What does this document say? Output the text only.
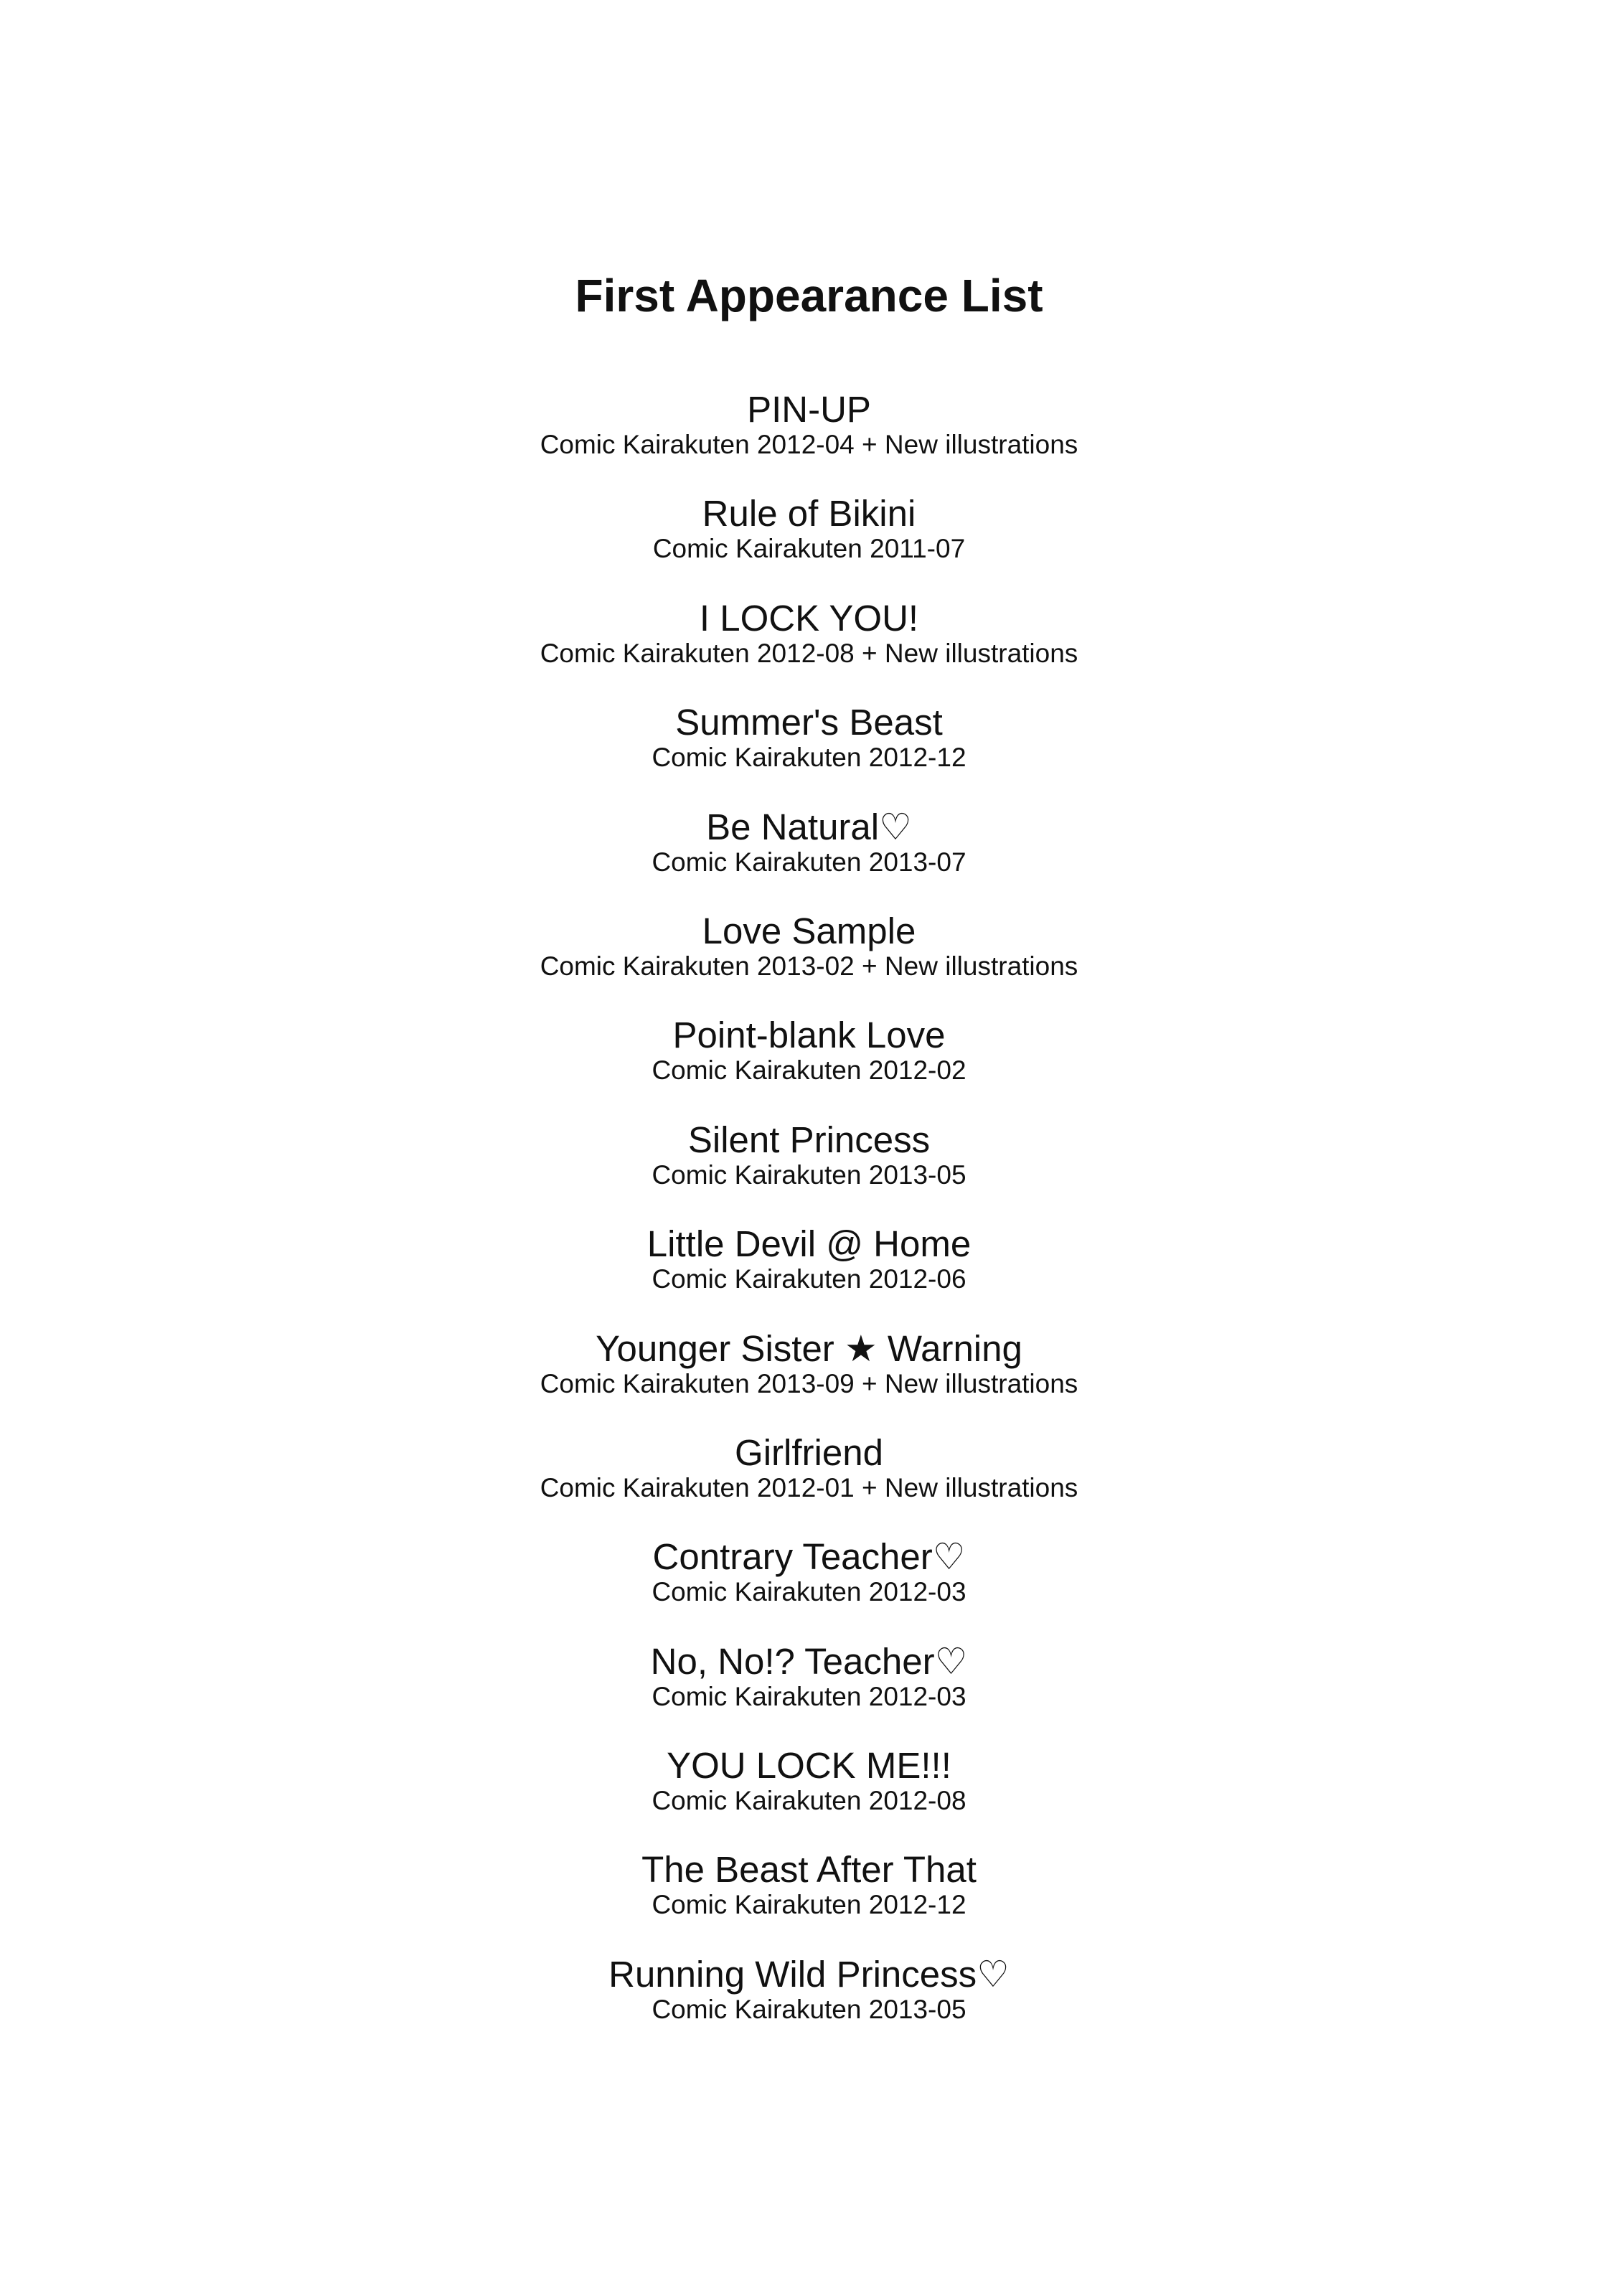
First Appearance List
PIN-UP
Comic Kairakuten 2012-04 + New illustrations
Rule of Bikini
Comic Kairakuten 2011-07
I LOCK YOU!
Comic Kairakuten 2012-08 + New illustrations
Summer's Beast
Comic Kairakuten 2012-12
Be Natural♡
Comic Kairakuten 2013-07
Love Sample
Comic Kairakuten 2013-02 + New illustrations
Point-blank Love
Comic Kairakuten 2012-02
Silent Princess
Comic Kairakuten 2013-05
Little Devil @ Home
Comic Kairakuten 2012-06
Younger Sister ★ Warning
Comic Kairakuten 2013-09 + New illustrations
Girlfriend
Comic Kairakuten 2012-01 + New illustrations
Contrary Teacher♡
Comic Kairakuten 2012-03
No, No!? Teacher♡
Comic Kairakuten 2012-03
YOU LOCK ME!!!
Comic Kairakuten 2012-08
The Beast After That
Comic Kairakuten 2012-12
Running Wild Princess♡
Comic Kairakuten 2013-05
